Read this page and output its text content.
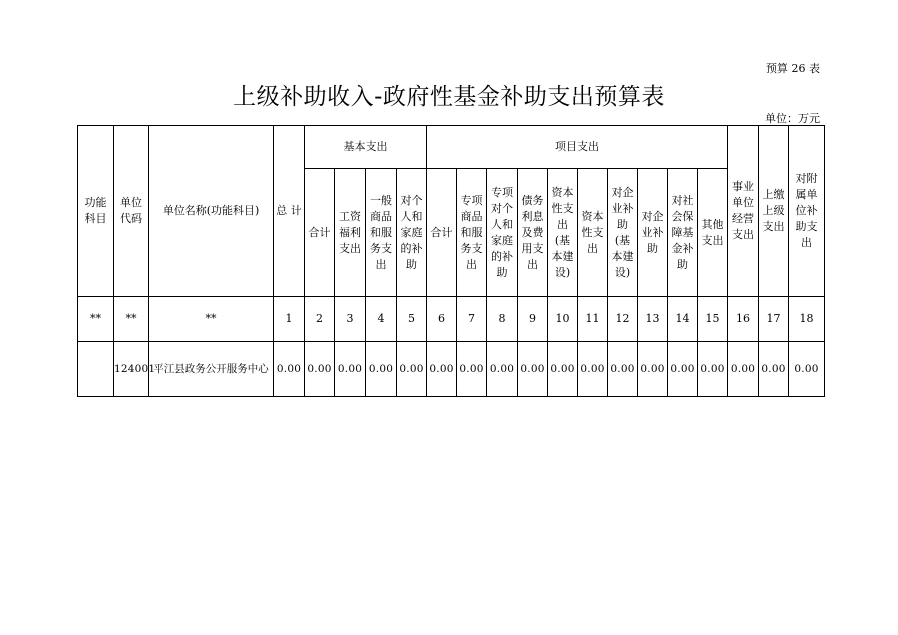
预算 26 表
上级补助收入-政府性基金补助支出预算表
单位：万元
功能科目	单位代码	单位名称(功能科目)	总 计	基本支出				项目支出										事业单位经营支出	上缴上级支出	对附属单位补助支出
				合计	工资福利支出	一般商品和服务支出	对个人和家庭的补助	合计	专项商品和服务支出	专项对个人和家庭的补助	债务利息及费用支出	资本性支出(基本建设)	资本性支出	对企业补助(基本建设)	对企业补助	对社会保障基金补助	其他支出			
**	**	**	1	2	3	4	5	6	7	8	9	10	11	12	13	14	15	16	17	18
	124001	平江县政务公开服务中心	0.00	0.00	0.00	0.00	0.00	0.00	0.00	0.00	0.00	0.00	0.00	0.00	0.00	0.00	0.00	0.00	0.00	0.00
